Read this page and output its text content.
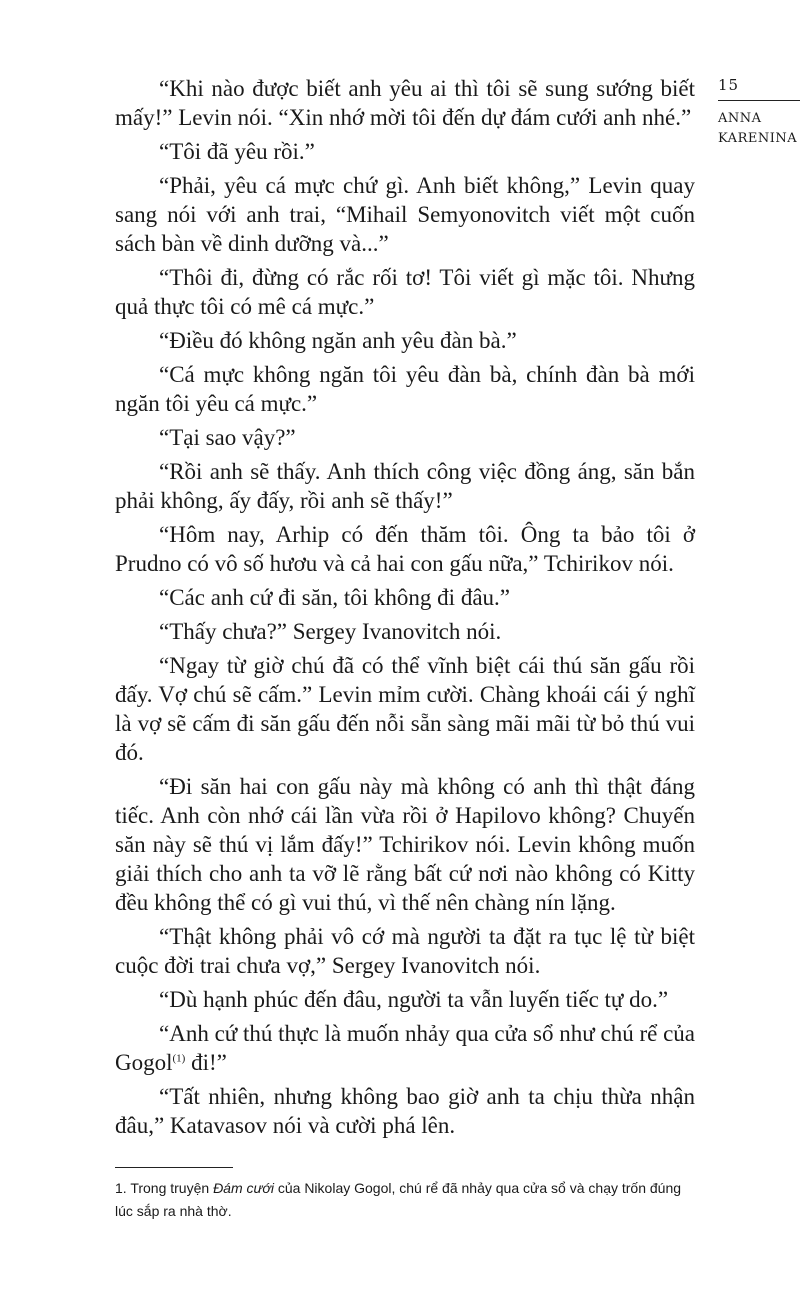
15
ANNA
KARENINA

“Khi nào được biết anh yêu ai thì tôi sẽ sung sướng biết mấy!” Levin nói. “Xin nhớ mời tôi đến dự đám cưới anh nhé.”

“Tôi đã yêu rồi.”

“Phải, yêu cá mực chứ gì. Anh biết không,” Levin quay sang nói với anh trai, “Mihail Semyonovitch viết một cuốn sách bàn về dinh dưỡng và...”

“Thôi đi, đừng có rắc rối tơ! Tôi viết gì mặc tôi. Nhưng quả thực tôi có mê cá mực.”

“Điều đó không ngăn anh yêu đàn bà.”

“Cá mực không ngăn tôi yêu đàn bà, chính đàn bà mới ngăn tôi yêu cá mực.”

“Tại sao vậy?”

“Rồi anh sẽ thấy. Anh thích công việc đồng áng, săn bắn phải không, ấy đấy, rồi anh sẽ thấy!”

“Hôm nay, Arhip có đến thăm tôi. Ông ta bảo tôi ở Prudno có vô số hươu và cả hai con gấu nữa,” Tchirikov nói.

“Các anh cứ đi săn, tôi không đi đâu.”

“Thấy chưa?” Sergey Ivanovitch nói.

“Ngay từ giờ chú đã có thể vĩnh biệt cái thú săn gấu rồi đấy. Vợ chú sẽ cấm.” Levin mỉm cười. Chàng khoái cái ý nghĩ là vợ sẽ cấm đi săn gấu đến nỗi sẵn sàng mãi mãi từ bỏ thú vui đó.

“Đi săn hai con gấu này mà không có anh thì thật đáng tiếc. Anh còn nhớ cái lần vừa rồi ở Hapilovo không? Chuyến săn này sẽ thú vị lắm đấy!” Tchirikov nói. Levin không muốn giải thích cho anh ta vỡ lẽ rằng bất cứ nơi nào không có Kitty đều không thể có gì vui thú, vì thế nên chàng nín lặng.

“Thật không phải vô cớ mà người ta đặt ra tục lệ từ biệt cuộc đời trai chưa vợ,” Sergey Ivanovitch nói.

“Dù hạnh phúc đến đâu, người ta vẫn luyến tiếc tự do.”

“Anh cứ thú thực là muốn nhảy qua cửa sổ như chú rể của Gogol$^{(1)}$ đi!”

“Tất nhiên, nhưng không bao giờ anh ta chịu thừa nhận đâu,” Katavasov nói và cười phá lên.

1. Trong truyện Đám cưới của Nikolay Gogol, chú rể đã nhảy qua cửa sổ và chạy trốn đúng lúc sắp ra nhà thờ.
